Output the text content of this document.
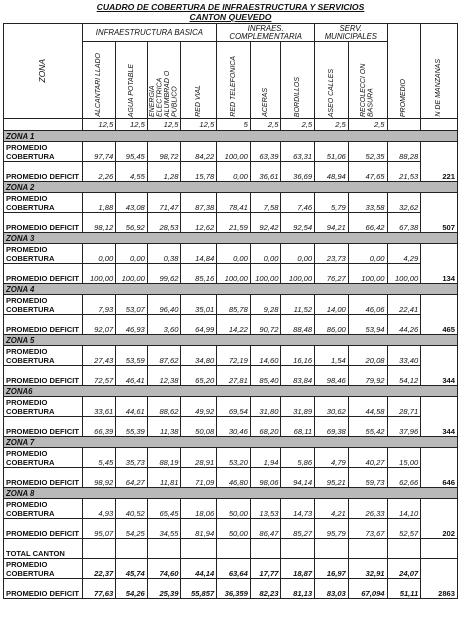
CUADRO DE COBERTURA DE INFRAESTRUCTURA Y SERVICIOS
CANTON QUEVEDO
ZONA	INFRAESTRUCTURA BASICA				INFRAES. COMPLEMENTARIA			SERV. MUNICIPALES		PROMEDIO	N DE MANZANAS

	ALCANTARI LLADO	AGUA POTABLE	ENERGIA ELECTRICA ALUMBRAD O PUBLICO	RED VIAL	RED TELEFONICA	ACERAS	BORDILLOS	ASEO CALLES	RECOLECCI ON BASURA		

	12,5	12,5	12,5	12,5	5	2,5	2,5	2,5	2,5		
ZONA 1											
PROMEDIO COBERTURA	97,74	95,45	98,72	84,22	100,00	63,39	63,31	51,06	52,35	88,28	221
PROMEDIO DEFICIT	2,26	4,55	1,28	15,78	0,00	36,61	36,69	48,94	47,65	21,53	
ZONA 2											
PROMEDIO COBERTURA	1,88	43,08	71,47	87,38	78,41	7,58	7,46	5,79	33,58	32,62	507
PROMEDIO DEFICIT	98,12	56,92	28,53	12,62	21,59	92,42	92,54	94,21	66,42	67,38	
ZONA 3											
PROMEDIO COBERTURA	0,00	0,00	0,38	14,84	0,00	0,00	0,00	23,73	0,00	4,29	134
PROMEDIO DEFICIT	100,00	100,00	99,62	85,16	100,00	100,00	100,00	76,27	100,00	100,00	
ZONA 4											
PROMEDIO COBERTURA	7,93	53,07	96,40	35,01	85,78	9,28	11,52	14,00	46,06	22,41	465
PROMEDIO DEFICIT	92,07	46,93	3,60	64,99	14,22	90,72	88,48	86,00	53,94	44,26	
ZONA 5											
PROMEDIO COBERTURA	27,43	53,59	87,62	34,80	72,19	14,60	16,16	1,54	20,08	33,40	344
PROMEDIO DEFICIT	72,57	46,41	12,38	65,20	27,81	85,40	83,84	98,46	79,92	54,12	
ZONA6											
PROMEDIO COBERTURA	33,61	44,61	88,62	49,92	69,54	31,80	31,89	30,62	44,58	28,71	344
PROMEDIO DEFICIT	66,39	55,39	11,38	50,08	30,46	68,20	68,11	69,38	55,42	37,96	
ZONA 7											
PROMEDIO COBERTURA	5,45	35,73	88,19	28,91	53,20	1,94	5,86	4,79	40,27	15,00	646
PROMEDIO DEFICIT	98,92	64,27	11,81	71,09	46,80	98,06	94,14	95,21	59,73	62,66	
ZONA 8											
PROMEDIO COBERTURA	4,93	40,52	65,45	18,06	50,00	13,53	14,73	4,21	26,33	14,10	202
PROMEDIO DEFICIT	95,07	54,25	34,55	81,94	50,00	86,47	85,27	95,79	73,67	52,57	
TOTAL CANTON											
PROMEDIO COBERTURA	22,37	45,74	74,60	44,14	63,64	17,77	18,87	16,97	32,91	24,07	2863
PROMEDIO DEFICIT	77,63	54,26	25,39	55,857	36,359	82,23	81,13	83,03	67,094	51,11	
